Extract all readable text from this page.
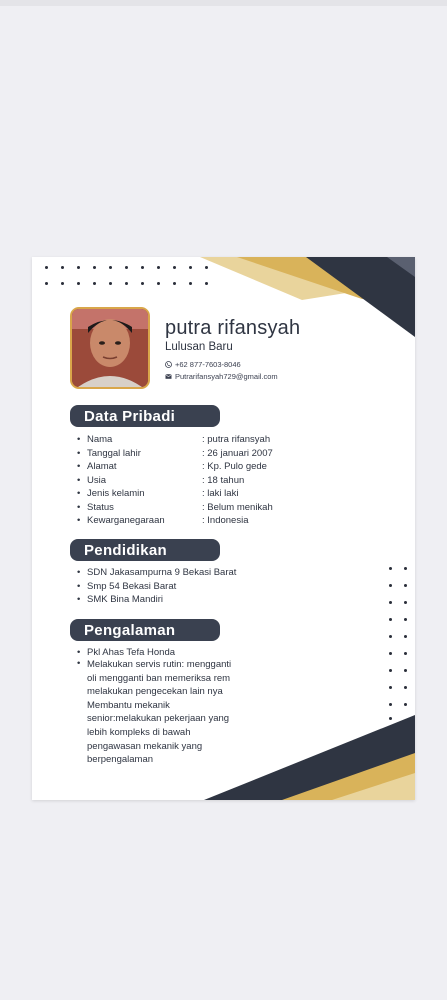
putra rifansyah
Lulusan Baru
+62 877-7603-8046
Putrarifansyah729@gmail.com
Data Pribadi
• Nama	: putra rifansyah
• Tanggal lahir	: 26 januari 2007
• Alamat	: Kp. Pulo gede
• Usia	: 18 tahun
• Jenis kelamin	: laki laki
• Status	: Belum menikah
• Kewarganegaraan	: Indonesia
Pendidikan
• SDN Jakasampurna 9 Bekasi Barat
• Smp 54 Bekasi Barat
• SMK Bina Mandiri
Pengalaman
• Pkl Ahas Tefa Honda
• Melakukan servis rutin: mengganti
oli mengganti ban memeriksa rem
melakukan pengecekan lain nya
Membantu mekanik
senior:melakukan pekerjaan yang
lebih kompleks di bawah
pengawasan mekanik yang
berpengalaman
